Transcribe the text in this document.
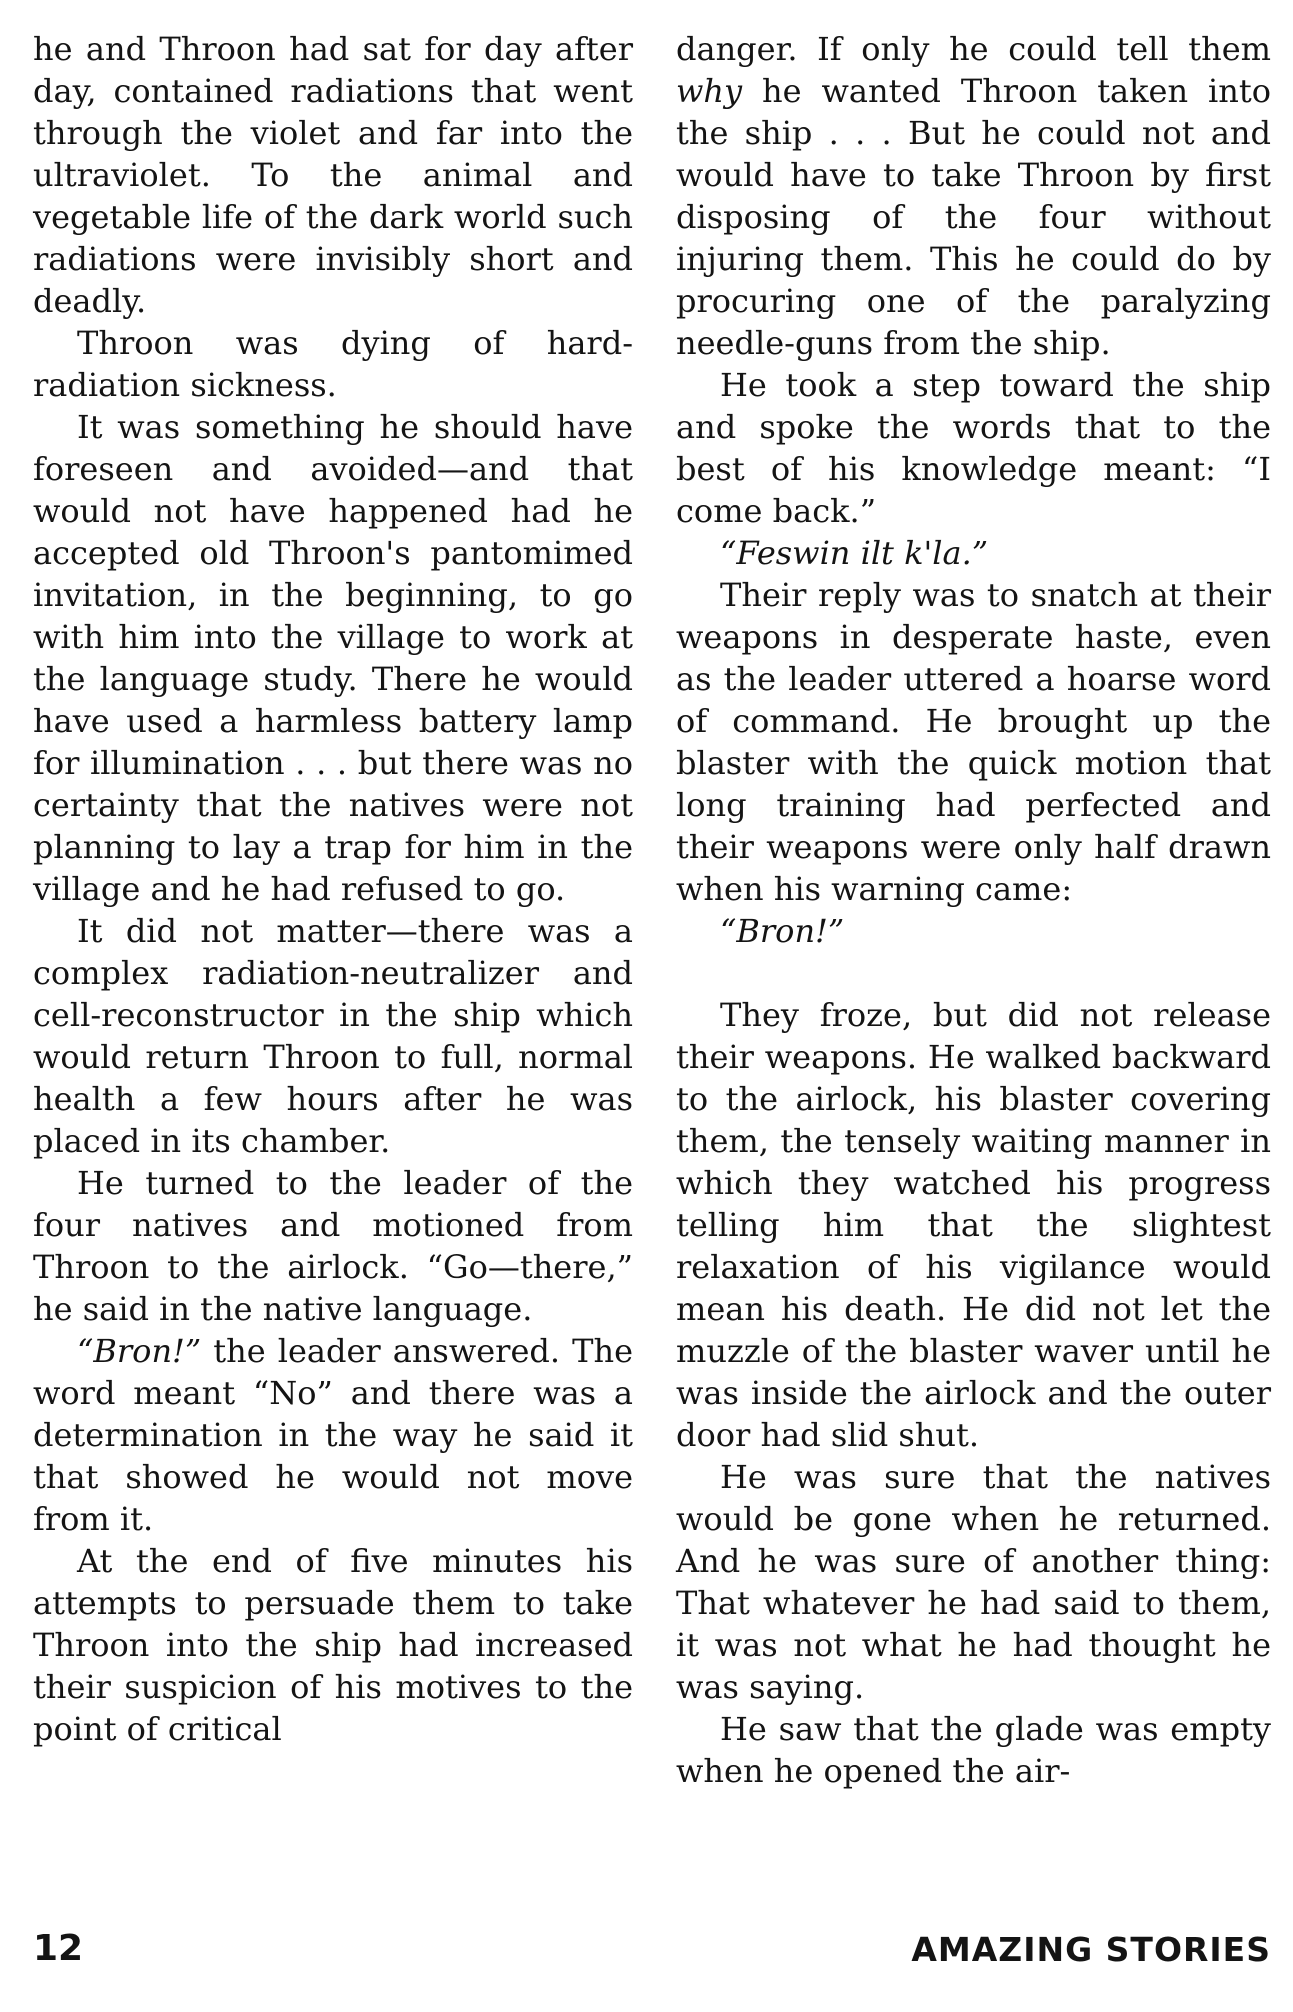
he and Throon had sat for day after day, contained radiations that went through the violet and far into the ultraviolet. To the animal and vegetable life of the dark world such radiations were invisibly short and deadly.

Throon was dying of hard-radiation sickness.

It was something he should have foreseen and avoided—and that would not have happened had he accepted old Throon's pantomimed invitation, in the beginning, to go with him into the village to work at the language study. There he would have used a harmless battery lamp for illumination . . . but there was no certainty that the natives were not planning to lay a trap for him in the village and he had refused to go.

It did not matter—there was a complex radiation-neutralizer and cell-reconstructor in the ship which would return Throon to full, normal health a few hours after he was placed in its chamber.

He turned to the leader of the four natives and motioned from Throon to the airlock. “Go—there,” he said in the native language.

“Bron!” the leader answered. The word meant “No” and there was a determination in the way he said it that showed he would not move from it.

At the end of five minutes his attempts to persuade them to take Throon into the ship had increased their suspicion of his motives to the point of critical

danger. If only he could tell them why he wanted Throon taken into the ship . . . But he could not and would have to take Throon by first disposing of the four without injuring them. This he could do by procuring one of the paralyzing needle-guns from the ship.

He took a step toward the ship and spoke the words that to the best of his knowledge meant: “I come back.”

“Feswin ilt k'la.”

Their reply was to snatch at their weapons in desperate haste, even as the leader uttered a hoarse word of command. He brought up the blaster with the quick motion that long training had perfected and their weapons were only half drawn when his warning came:

“Bron!”

They froze, but did not release their weapons. He walked backward to the airlock, his blaster covering them, the tensely waiting manner in which they watched his progress telling him that the slightest relaxation of his vigilance would mean his death. He did not let the muzzle of the blaster waver until he was inside the airlock and the outer door had slid shut.

He was sure that the natives would be gone when he returned. And he was sure of another thing: That whatever he had said to them, it was not what he had thought he was saying.

He saw that the glade was empty when he opened the air-

12	AMAZING STORIES
